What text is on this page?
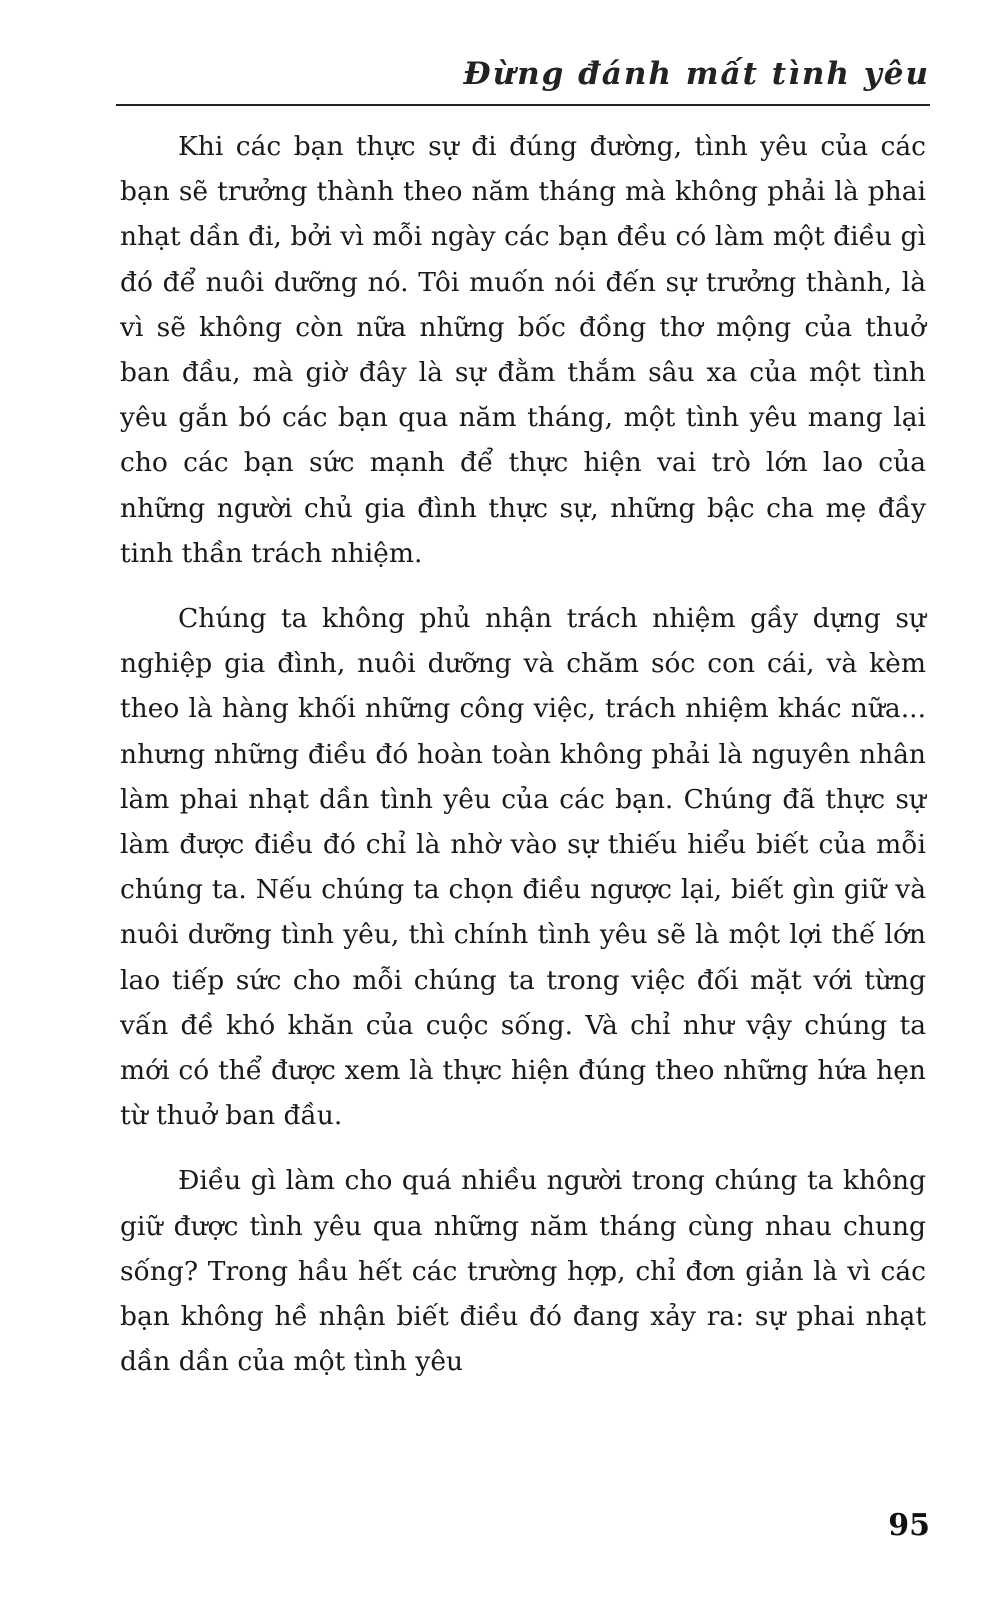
Đừng đánh mất tình yêu

Khi các bạn thực sự đi đúng đường, tình yêu của các bạn sẽ trưởng thành theo năm tháng mà không phải là phai nhạt dần đi, bởi vì mỗi ngày các bạn đều có làm một điều gì đó để nuôi dưỡng nó. Tôi muốn nói đến sự trưởng thành, là vì sẽ không còn nữa những bốc đồng thơ mộng của thuở ban đầu, mà giờ đây là sự đằm thắm sâu xa của một tình yêu gắn bó các bạn qua năm tháng, một tình yêu mang lại cho các bạn sức mạnh để thực hiện vai trò lớn lao của những người chủ gia đình thực sự, những bậc cha mẹ đầy tinh thần trách nhiệm.

Chúng ta không phủ nhận trách nhiệm gầy dựng sự nghiệp gia đình, nuôi dưỡng và chăm sóc con cái, và kèm theo là hàng khối những công việc, trách nhiệm khác nữa... nhưng những điều đó hoàn toàn không phải là nguyên nhân làm phai nhạt dần tình yêu của các bạn. Chúng đã thực sự làm được điều đó chỉ là nhờ vào sự thiếu hiểu biết của mỗi chúng ta. Nếu chúng ta chọn điều ngược lại, biết gìn giữ và nuôi dưỡng tình yêu, thì chính tình yêu sẽ là một lợi thế lớn lao tiếp sức cho mỗi chúng ta trong việc đối mặt với từng vấn đề khó khăn của cuộc sống. Và chỉ như vậy chúng ta mới có thể được xem là thực hiện đúng theo những hứa hẹn từ thuở ban đầu.

Điều gì làm cho quá nhiều người trong chúng ta không giữ được tình yêu qua những năm tháng cùng nhau chung sống? Trong hầu hết các trường hợp, chỉ đơn giản là vì các bạn không hề nhận biết điều đó đang xảy ra: sự phai nhạt dần dần của một tình yêu

95
